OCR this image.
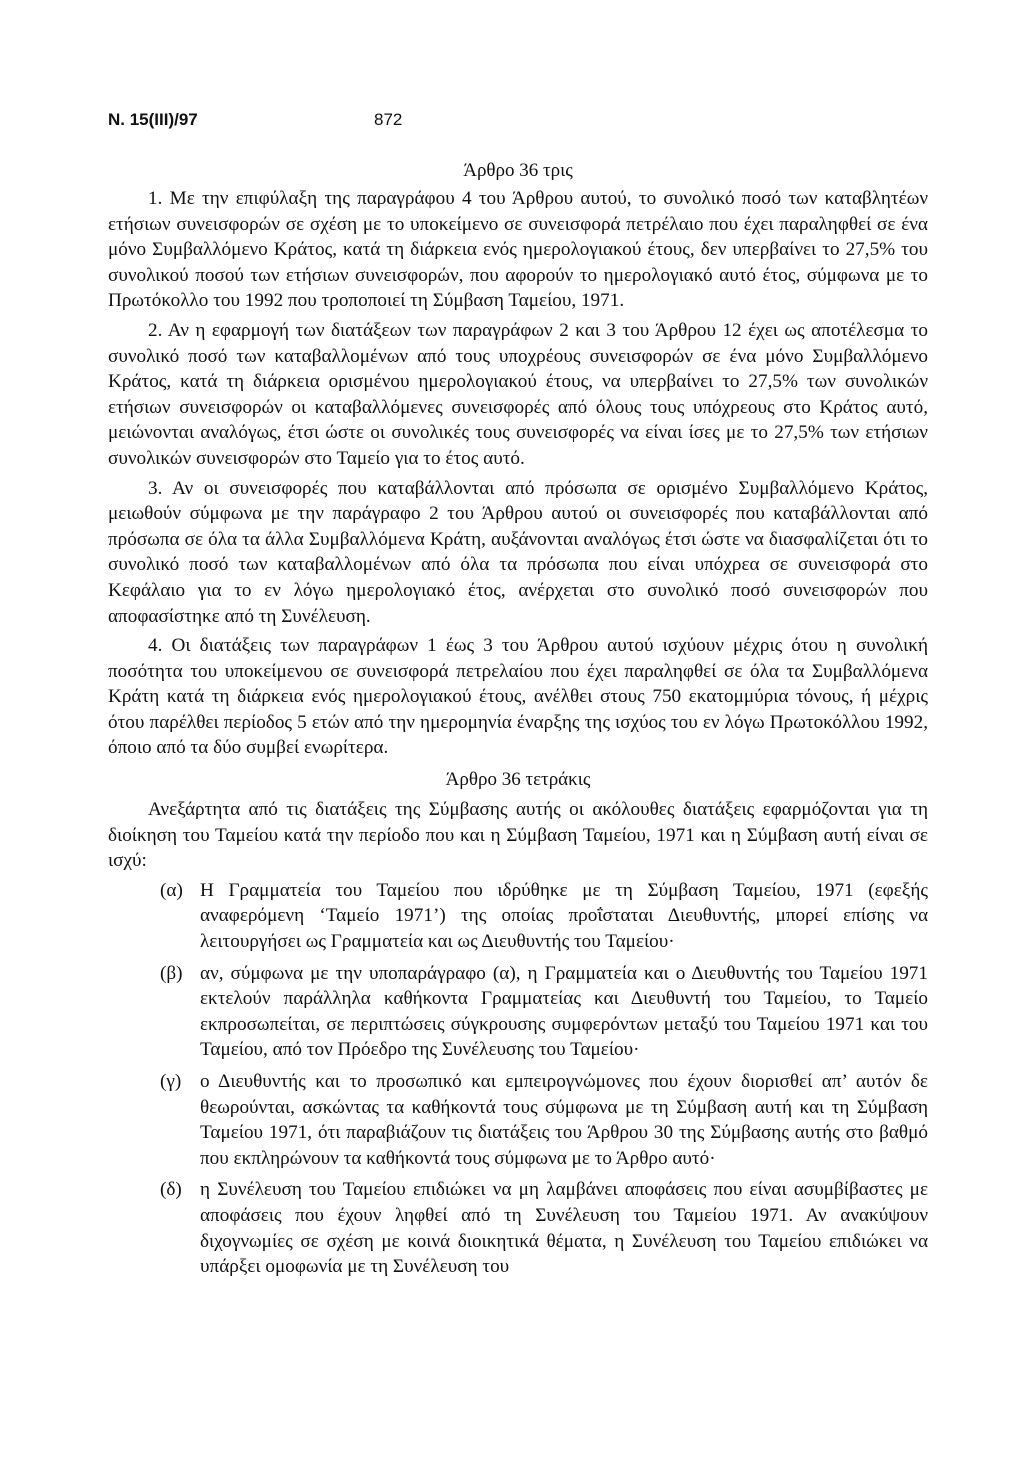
N. 15(III)/97	872
Άρθρο 36 τρις

1. Με την επιφύλαξη της παραγράφου 4 του Άρθρου αυτού, το συνολικό ποσό των καταβλητέων ετήσιων συνεισφορών σε σχέση με το υποκείμενο σε συνεισφορά πετρέλαιο που έχει παραληφθεί σε ένα μόνο Συμβαλλόμενο Κράτος, κατά τη διάρκεια ενός ημερολογιακού έτους, δεν υπερβαίνει το 27,5% του συνολικού ποσού των ετήσιων συνεισφορών, που αφορούν το ημερολογιακό αυτό έτος, σύμφωνα με το Πρωτόκολλο του 1992 που τροποποιεί τη Σύμβαση Ταμείου, 1971.

2. Αν η εφαρμογή των διατάξεων των παραγράφων 2 και 3 του Άρθρου 12 έχει ως αποτέλεσμα το συνολικό ποσό των καταβαλλομένων από τους υποχρέους συνεισφορών σε ένα μόνο Συμβαλλόμενο Κράτος, κατά τη διάρκεια ορισμένου ημερολογιακού έτους, να υπερβαίνει το 27,5% των συνολικών ετήσιων συνεισφορών οι καταβαλλόμενες συνεισφορές από όλους τους υπόχρεους στο Κράτος αυτό, μειώνονται αναλόγως, έτσι ώστε οι συνολικές τους συνεισφορές να είναι ίσες με το 27,5% των ετήσιων συνολικών συνεισφορών στο Ταμείο για το έτος αυτό.

3. Αν οι συνεισφορές που καταβάλλονται από πρόσωπα σε ορισμένο Συμβαλλόμενο Κράτος, μειωθούν σύμφωνα με την παράγραφο 2 του Άρθρου αυτού οι συνεισφορές που καταβάλλονται από πρόσωπα σε όλα τα άλλα Συμβαλλόμενα Κράτη, αυξάνονται αναλόγως έτσι ώστε να διασφαλίζεται ότι το συνολικό ποσό των καταβαλλομένων από όλα τα πρόσωπα που είναι υπόχρεα σε συνεισφορά στο Κεφάλαιο για το εν λόγω ημερολογιακό έτος, ανέρχεται στο συνολικό ποσό συνεισφορών που αποφασίστηκε από τη Συνέλευση.

4. Οι διατάξεις των παραγράφων 1 έως 3 του Άρθρου αυτού ισχύουν μέχρις ότου η συνολική ποσότητα του υποκείμενου σε συνεισφορά πετρελαίου που έχει παραληφθεί σε όλα τα Συμβαλλόμενα Κράτη κατά τη διάρκεια ενός ημερολογιακού έτους, ανέλθει στους 750 εκατομμύρια τόνους, ή μέχρις ότου παρέλθει περίοδος 5 ετών από την ημερομηνία έναρξης της ισχύος του εν λόγω Πρωτοκόλλου 1992, όποιο από τα δύο συμβεί ενωρίτερα.

Άρθρο 36 τετράκις

Ανεξάρτητα από τις διατάξεις της Σύμβασης αυτής οι ακόλουθες διατάξεις εφαρμόζονται για τη διοίκηση του Ταμείου κατά την περίοδο που και η Σύμβαση Ταμείου, 1971 και η Σύμβαση αυτή είναι σε ισχύ:

(α) Η Γραμματεία του Ταμείου που ιδρύθηκε με τη Σύμβαση Ταμείου, 1971 (εφεξής αναφερόμενη ‘Ταμείο 1971’) της οποίας προΐσταται Διευθυντής, μπορεί επίσης να λειτουργήσει ως Γραμματεία και ως Διευθυντής του Ταμείου·
(β) αν, σύμφωνα με την υποπαράγραφο (α), η Γραμματεία και ο Διευθυντής του Ταμείου 1971 εκτελούν παράλληλα καθήκοντα Γραμματείας και Διευθυντή του Ταμείου, το Ταμείο εκπροσωπείται, σε περιπτώσεις σύγκρουσης συμφερόντων μεταξύ του Ταμείου 1971 και του Ταμείου, από τον Πρόεδρο της Συνέλευσης του Ταμείου·
(γ) ο Διευθυντής και το προσωπικό και εμπειρογνώμονες που έχουν διορισθεί απ’ αυτόν δε θεωρούνται, ασκώντας τα καθήκοντά τους σύμφωνα με τη Σύμβαση αυτή και τη Σύμβαση Ταμείου 1971, ότι παραβιάζουν τις διατάξεις του Άρθρου 30 της Σύμβασης αυτής στο βαθμό που εκπληρώνουν τα καθήκοντά τους σύμφωνα με το Άρθρο αυτό·
(δ) η Συνέλευση του Ταμείου επιδιώκει να μη λαμβάνει αποφάσεις που είναι ασυμβίβαστες με αποφάσεις που έχουν ληφθεί από τη Συνέλευση του Ταμείου 1971. Αν ανακύψουν διχογνωμίες σε σχέση με κοινά διοικητικά θέματα, η Συνέλευση του Ταμείου επιδιώκει να υπάρξει ομοφωνία με τη Συνέλευση του
